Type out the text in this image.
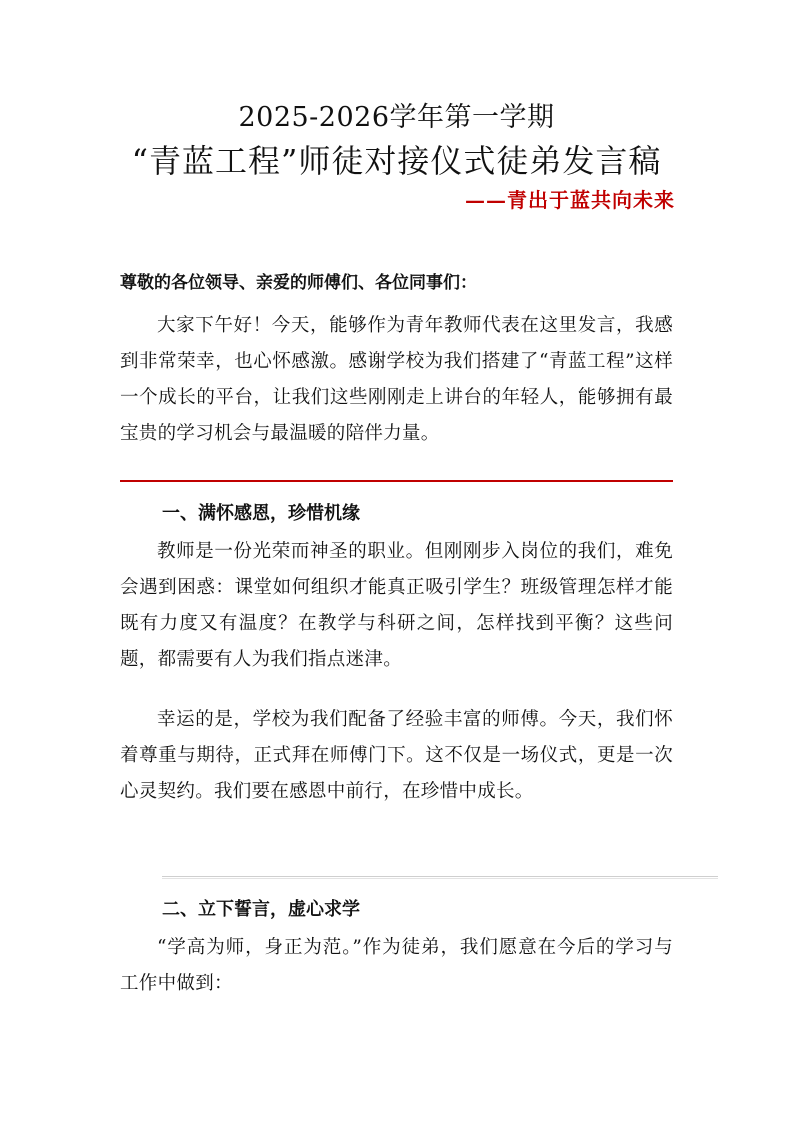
2025-2026学年第一学期
“青蓝工程”师徒对接仪式徒弟发言稿
——青出于蓝共向未来
尊敬的各位领导、亲爱的师傅们、各位同事们：

大家下午好！今天，能够作为青年教师代表在这里发言，我感到非常荣幸，也心怀感激。感谢学校为我们搭建了“青蓝工程”这样一个成长的平台，让我们这些刚刚走上讲台的年轻人，能够拥有最宝贵的学习机会与最温暖的陪伴力量。

一、满怀感恩，珍惜机缘

教师是一份光荣而神圣的职业。但刚刚步入岗位的我们，难免会遇到困惑：课堂如何组织才能真正吸引学生？班级管理怎样才能既有力度又有温度？在教学与科研之间，怎样找到平衡？这些问题，都需要有人为我们指点迷津。

幸运的是，学校为我们配备了经验丰富的师傅。今天，我们怀着尊重与期待，正式拜在师傅门下。这不仅是一场仪式，更是一次心灵契约。我们要在感恩中前行，在珍惜中成长。

二、立下誓言，虚心求学

“学高为师，身正为范。”作为徒弟，我们愿意在今后的学习与工作中做到：
